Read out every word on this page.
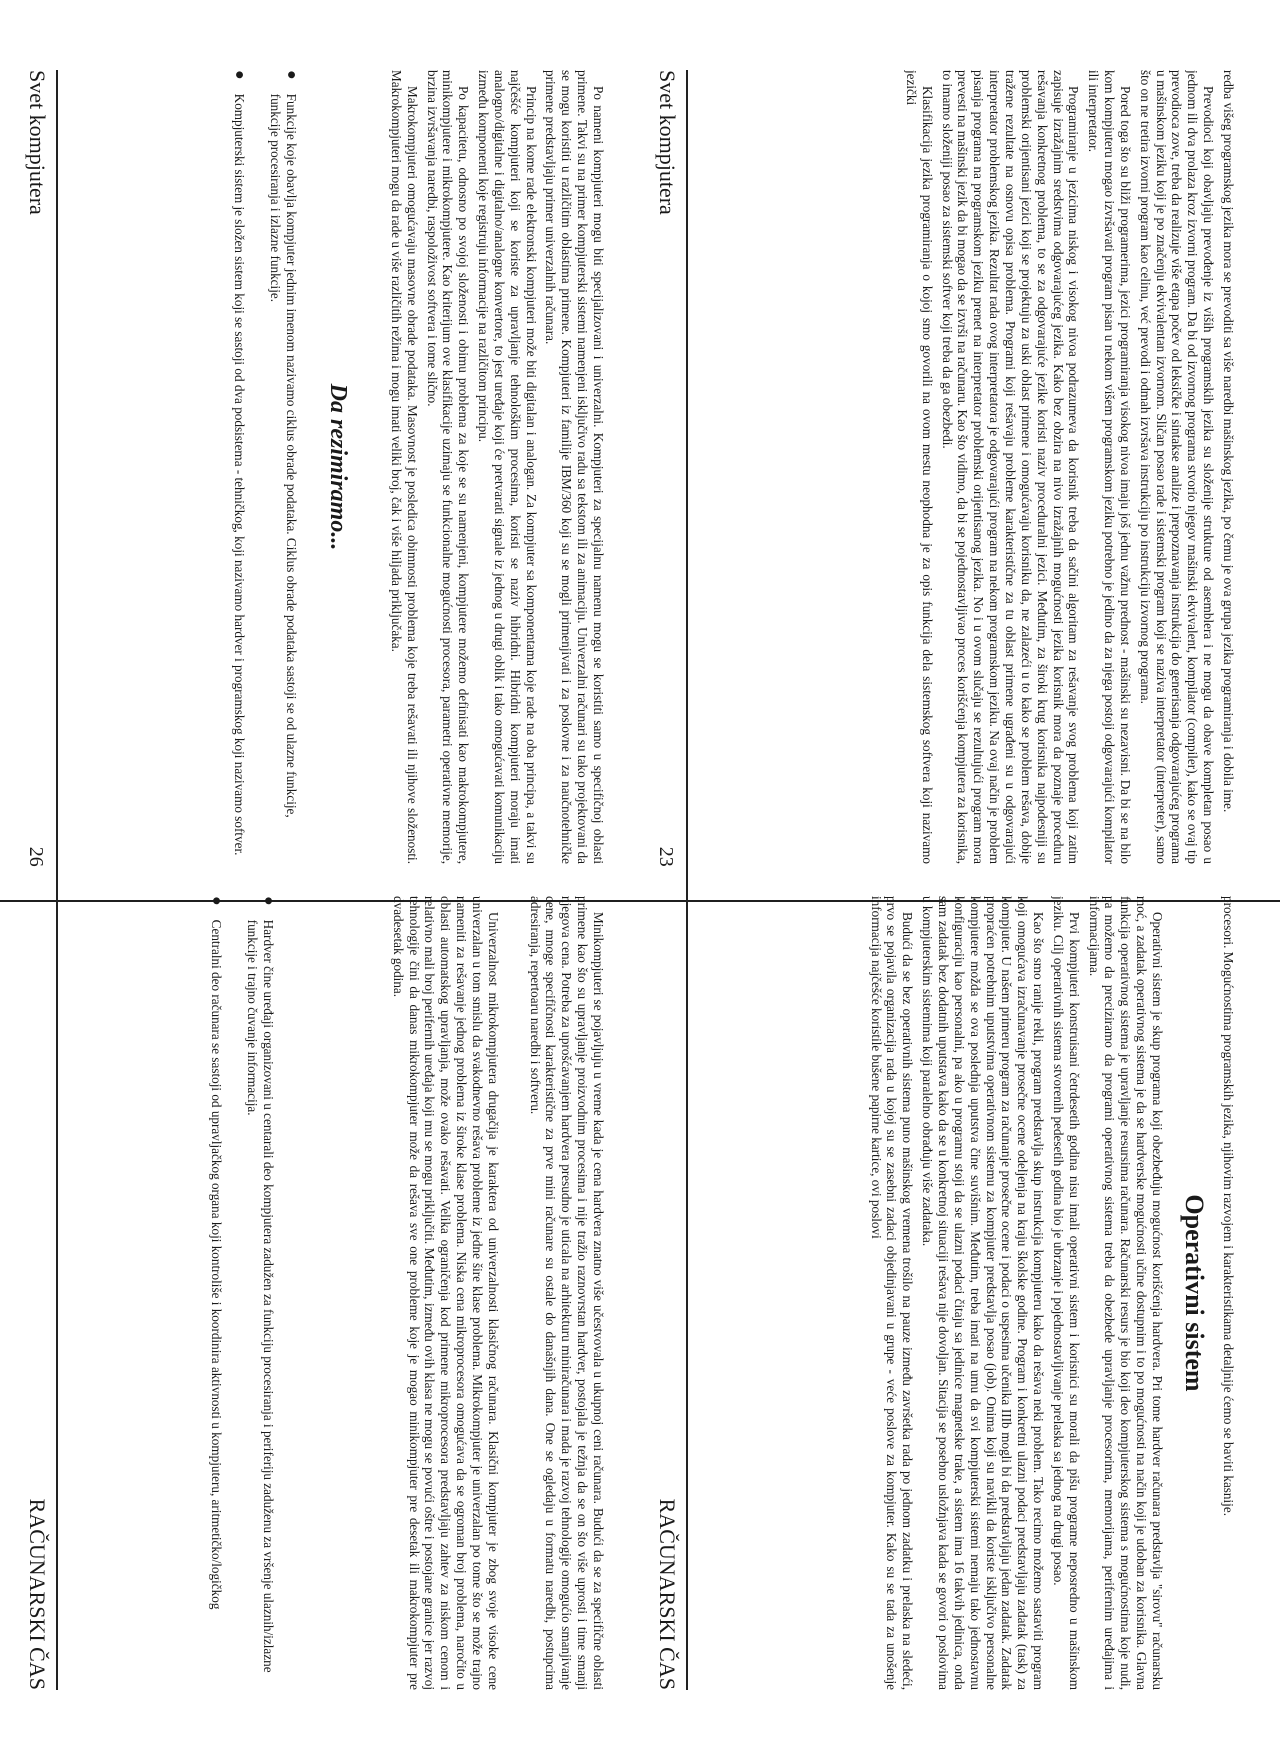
redba višeg programskog jezika mora se prevoditi sa više naredbi mašinskog jezika, po čemu je ova grupa jezika programiranja i dobila ime.

Prevodioci koji obavljaju prevođenje iz viših programskih jezika su složenije strukture od asemblera i ne mogu da obave kompletan posao u jednom ili dva prolaza kroz izvorni program. Da bi od izvornog programa stvorio njegov mašinski ekvivalent, kompilator (compiler), kako se ovaj tip prevodioca zove, treba da realizuje više etapa počev od leksičke i sintakse analize i prepoznavanja instrukcija do generisanja odgovarajućeg programa u mašinskom jeziku koji je po značenju ekvivalentan izvornom. Sličan posao rade i sistemski program koji se naziva interpretator (interpreter), samo što on ne tretira izvorni program kao celinu, već prevodi i odmah izvršava instrukciju po instrukciju izvornog programa.

Pored toga što su bliži programerima, jezici programiranja visokog nivoa imaju još jednu važnu prednost - mašinski su nezavisni. Da bi se na bilo kom kompjuteru mogao izvršavati program pisan u nekom višem programskom jeziku potrebno je jedino da za njega postoji odgovarajući kompilator ili interpretator.

Programiranje u jezicima niskog i visokog nivoa podrazumeva da korisnik treba da sačini algoritam za rešavanje svog problema koji zatim zapisuje izražajnim sredstvima odgovarajućeg jezika. Kako bez obzira na nivo izražajnih mogućnosti jezika korisnik mora da poznaje proceduru rešavanja konkretnog problema, to se za odgovarajuće jezike koristi naziv proceduralni jezici. Međutim, za široki krug korisnika najpodesniji su problemski orijentisani jezici koji se projektuju za uski oblast primene i omogućavaju korisniku da, ne zalazeći u to kako se problem rešava, dobije tražene rezultate na osnovu opisa problema. Programi koji rešavaju probleme karakteristične za tu oblast primene ugrađeni su u odgovarajući interpretator problemskog jezika. Rezultat rada ovog interpretatora je odgovarajući program na nekom programskom jeziku. Na ovaj način je problem pisanja programa na programskom jeziku prenet na interpretator problemski orijentisanog jezika. No i u ovom slučaju se rezultujući program mora prevesti na mašinski jezik da bi mogao da se izvrši na računaru. Kao što vidimo, da bi se pojednostavljivao proces korišćenja kompjutera za korisnika, to imamo složeniji posao za sistemski softver koji treba da ga obezbedi.

Klasifikacija jezika programiranja o kojoj smo govorili na ovom mestu neophodna je za opis funkcija dela sistemskog softvera koji nazivamo jezički

procesori. Mogućnostima programskih jezika, njihovim razvojem i karakteristikama detaljnije ćemo se baviti kasnije.

Operativni sistem

Operativni sistem je skup programa koji obezbeđuju mogućnost korišćenja hardvera. Pri tome hardver računara predstavlja "sirovu" računarsku moć, a zadatak operativnog sistema je da se hardverske mogućnosti učine dostupnim i to po mogućnosti na način koji je udoban za korisnika. Glavna funkcija operativnog sistema je upravljanje resursima računara. Računarski resurs je bio koji deo kompjuterskog sistema s mogućnostima koje nudi, pa možemo da preciziramo da programi operativnog sistema treba da obezbede upravljanje procesorima, memorijama, perifernim uređajima i informacijama.

Prvi kompjuteri konstruisani četrdesetih godina nisu imali operativni sistem i korisnici su morali da pišu programe neposredno u mašinskom jeziku. Cilj operativnih sistema stvorenih pedesetih godina bio je ubrzanje i pojednostavljivanje prelaska sa jednog na drugi posao.

Kao što smo ranije rekli, program predstavlja skup instrukcija kompjuteru kako da rešava neki problem. Tako recimo možemo sastaviti program koji omogućava izračunavanje prosečne ocene odeljenja na kraju školske godine. Program i konkretni ulazni podaci predstavljaju zadatak (task) za kompjuter. U našem primeru program za računanje prosečne ocene i podaci o uspesima učenika IIIb mogli bi da predstavljaju jedan zadatak. Zadatak propraćen potrebnim uputstvima operativnom sistemu za kompjuter predstavlja posao (job). Onima koji su navikli da koriste isključivo personalne kompjutere možda se ova poslednja uputstva čine suvišnim. Međutim, treba imati na umu da svi kompjuterski sistemi nemaju tako jednostavnu konfiguraciju kao personalni, pa ako u programu stoji da se ulazni podaci čitaju sa jedinice magnetske trake, a sistem ima 16 takvih jedinica, onda sam zadatak bez dodatnih uputstava kako da se u konkretnoj situaciji rešava nije dovoljan. Sitacija se posebno usložnjava kada se govori o poslovima u kompjuterskim sistemima koji paralelno obrađuju više zadataka.

Budući da se bez operativnih sistema puno mašinskog vremena trošilo na pauze između završetka rada po jednom zadatku i prelaska na sledeći, prvo se pojavila organizacija rada u kojoj su se zasebni zadaci objedinjavani u grupe - veće poslove za kompjuter. Kako su se tada za unošenje informacija najčešće koristile bušene papirne kartice, ovi poslovi

Svet kompjutera
23
RAČUNARSKI ČAS

Po nameni kompjuteri mogu biti specijalizovani i univerzalni. Kompjuteri za specijalnu namenu mogu se koristiti samo u specifičnoj oblasti primene. Takvi su na primer kompjuterski sistemi namenjeni isključivo radu sa tekstom ili za animaciju. Univerzalni računari su tako projektovani da se mogu koristiti u različitim oblastima primene. Kompjuteri iz familije IBM/360 koji su se mogli primenjivati i za poslovne i za naučnotehničke primene predstavljaju primer univerzalnih računara.

Princip na kome rade elektronski kompjuteri može biti digitalan i analogan. Za kompjuter sa komponentama koje rade na oba principa, a takvi su najčešće kompjuteri koji se koriste za upravljanje tehnološkim procesima, koristi se naziv hibridni. Hibridni kompjuteri moraju imati analogno/digitalne i digitalno/analogne konvertore, to jest uređaje koji će pretvarati signale iz jednog u drugi oblik i tako omogućavati komunikaciju između komponenti koje registruju informacije na različitom principu.

Po kapacitetu, odnosno po svojoj složenosti i obimu problema za koje se su namenjeni, kompjutere možemo definisati kao makrokompjutere, minikompjutere i mikrokompjutere. Kao kriterijum ove klasifikacije uzimaju se funkcionalne mogućnosti procesora, parametri operativne memorije, brzina izvršavanja naredbi, raspoloživost softvera i tome slično.

Makrokompjuteri omogućavaju masovne obrade podataka. Masovnost je posledica obimnosti problema koje treba rešavati ili njihove složenosti. Makrokompjuteri mogu da rade u više različitih režima i mogu imati veliki broj, čak i više hiljada priključaka.

Da rezimiramo...
●
Funkcije koje obavlja kompjuter jednim imenom nazivamo ciklus obrade podataka. Ciklus obrade podataka sastoji se od ulazne funkcije, funkcije procesiranja i izlazne funkcije.
●
Kompjuterski sistem je složen sistem koji se sastoji od dva podsistema - tehničkog, koji nazivamo hardver i programskog koji nazivamo softver.

Minikompjuteri se pojavljuju u vreme kada je cena hardvera znatno više učestvovala u ukupnoj ceni računara. Budući da se za specifične oblasti primene kao što su upravljanje proizvodnim procesima i nije tražio raznovrstan hardver, postojala je težnja da se on što više uprosti i time smanji njegova cena. Potreba za uprošćavanjem hardvera presudno je uticala na arhitekturu miniračunara i mada je razvoj tehnologije omogućio smanjivanje cene, mnoge specifičnosti karakteristične za prve mini računare su ostale do današnjih dana. One se ogledaju u formatu naredbi, postupcima adresiranja, repertoaru naredbi i softveru.

Univerzalnost mikrokompjutera drugačija je karaktera od univerzalnosti klasičnog računara. Klasični kompjuter je zbog svoje visoke cene univerzalan u tom smislu da svakodnevno rešava probleme iz jedne šire klase problema. Mikrokompjuter je univerzalan po tome što se može trajno nameniti za rešavanje jednog problema iz široke klase problema. Niska cena mikroprocesora omogućava da se ogroman broj problema, naročito u oblasti automatskog upravljanja, može ovako rešavati. Velika ograničenja kod primene mikroprocesora predstavljaju zahtev za niskom cenom i relativno mali broj perifernih uređaja koji mu se mogu priključiti. Međutim, između ovih klasa ne mogu se povući oštre i postojane granice jer razvoj tehnologije čini da danas mikrokompjuter može da rešava sve one probleme koje je mogao minikompjuter pre desetak ili makrokompjuter pre dvadesetak godina.

●
Hardver čine uređaji organizovani u centarali deo kompjutera zadužen za funkciju procesiranja i periferiju zaduženu za vršenje ulaznih/izlazne funkcije i trajno čuvanje informacija.
●
Centralni deo računara se sastoji od upravljačkog organa koji kontroliše i koordinira aktivnosti u kompjuteru, aritmetičko/logičkog
Svet kompjutera
26
RAČUNARSKI ČAS
